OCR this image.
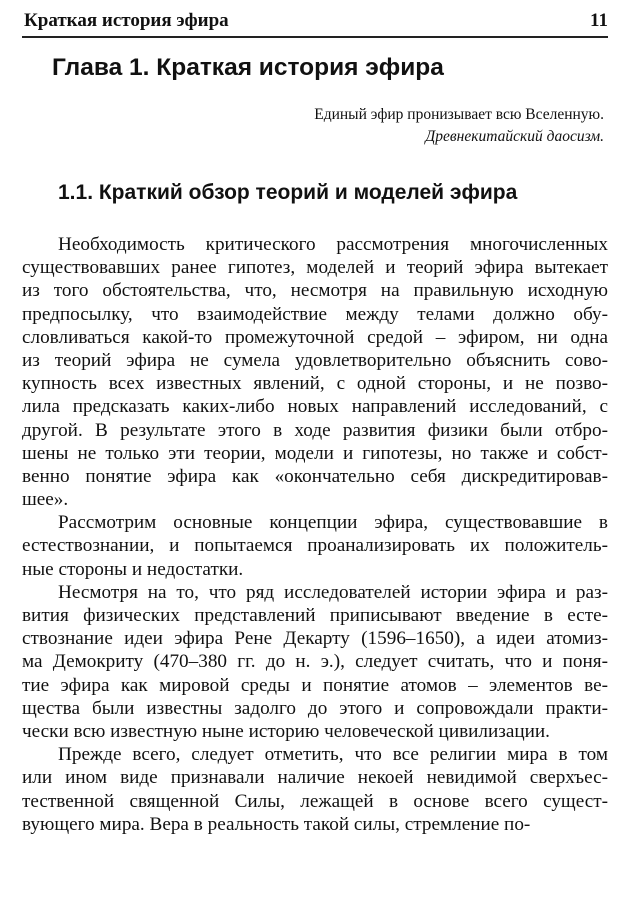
Краткая история эфира	11
Глава 1. Краткая история эфира
Единый эфир пронизывает всю Вселенную.
Древнекитайский даосизм.
1.1. Краткий обзор теорий и моделей эфира

Необходимость критического рассмотрения многочисленных
существовавших ранее гипотез, моделей и теорий эфира вытекает
из того обстоятельства, что, несмотря на правильную исходную
предпосылку, что взаимодействие между телами должно обу-
словливаться какой-то промежуточной средой – эфиром, ни одна
из теорий эфира не сумела удовлетворительно объяснить сово-
купность всех известных явлений, с одной стороны, и не позво-
лила предсказать каких-либо новых направлений исследований, с
другой. В результате этого в ходе развития физики были отбро-
шены не только эти теории, модели и гипотезы, но также и собст-
венно понятие эфира как «окончательно себя дискредитировав-
шее».

Рассмотрим основные концепции эфира, существовавшие в
естествознании, и попытаемся проанализировать их положитель-
ные стороны и недостатки.

Несмотря на то, что ряд исследователей истории эфира и раз-
вития физических представлений приписывают введение в есте-
ствознание идеи эфира Рене Декарту (1596–1650), а идеи атомиз-
ма Демокриту (470–380 гг. до н. э.), следует считать, что и поня-
тие эфира как мировой среды и понятие атомов – элементов ве-
щества были известны задолго до этого и сопровождали практи-
чески всю известную ныне историю человеческой цивилизации.

Прежде всего, следует отметить, что все религии мира в том
или ином виде признавали наличие некоей невидимой сверхъес-
тественной священной Силы, лежащей в основе всего сущест-
вующего мира. Вера в реальность такой силы, стремление по-
